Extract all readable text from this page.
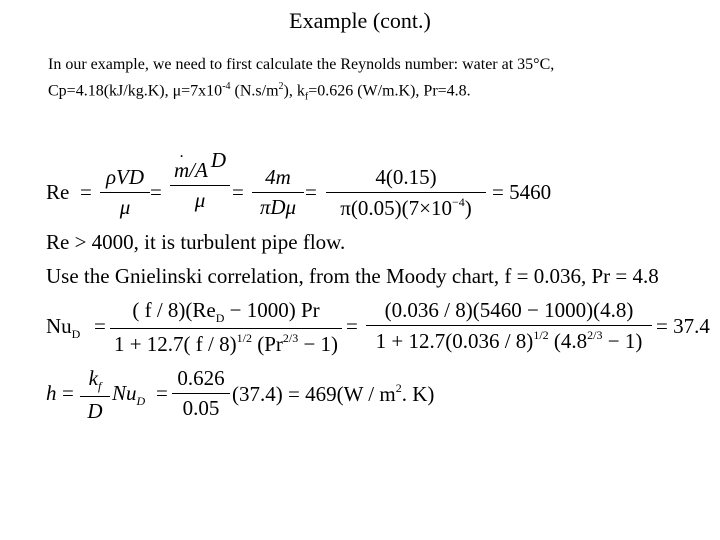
Example (cont.)
In our example, we need to first calculate the Reynolds number: water at 35°C,
Cp=4.18(kJ/kg.K), $\mu=7x10^{-4}$ $(N.s/m^2)$, $k_f=0.626$ (W/m.K), Pr=4.8.
Re =
ρVD
μ
=
m ./A D
μ	=
4m
πDμ
=
4(0.15)
$\pi(0.05)(7\times 10^{-4})$
= 5460
Re > 4000, it is turbulent pipe flow.
Use the Gnielinski correlation, from the Moody chart, f = 0.036, Pr = 4.8
$Nu_D$ =
( $f / 8)(Re_D - 1000)$ Pr
1 + 12.7( f / 8)$^{1/2}$ $(Pr^{2/3} - 1)$
=
(0.036 / 8)(5460 − 1000)(4.8)
1 + 12.7(0.036 / 8)$^{1/2}$ $(4.8^{2/3} - 1)$
= 37.4
h =
$k_f$
D
$Nu_D$ =
0.626
0.05
$(37.4) = 469(W / m^2$. K)
